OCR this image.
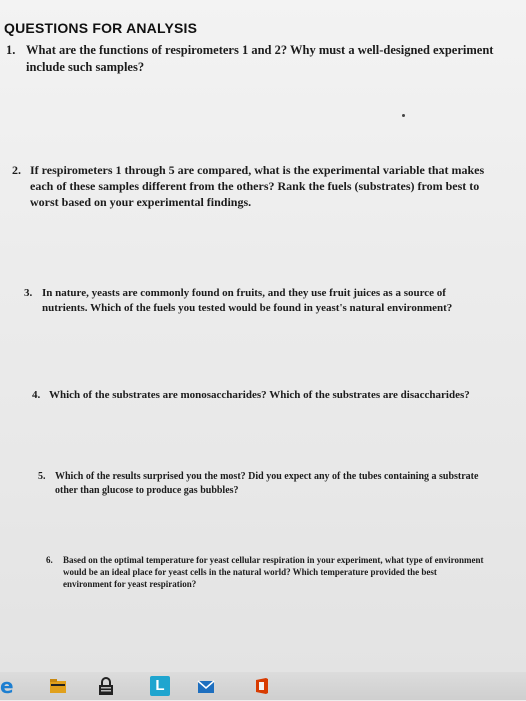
QUESTIONS FOR ANALYSIS
1. What are the functions of respirometers 1 and 2? Why must a well-designed experiment include such samples?
2. If respirometers 1 through 5 are compared, what is the experimental variable that makes each of these samples different from the others? Rank the fuels (substrates) from best to worst based on your experimental findings.
3. In nature, yeasts are commonly found on fruits, and they use fruit juices as a source of nutrients. Which of the fuels you tested would be found in yeast's natural environment?
4. Which of the substrates are monosaccharides? Which of the substrates are disaccharides?
5. Which of the results surprised you the most? Did you expect any of the tubes containing a substrate other than glucose to produce gas bubbles?
6.	Based on the optimal temperature for yeast cellular respiration in your experiment, what type of environment would be an ideal place for yeast cells in the natural world? Which temperature provided the best environment for yeast respiration?
e	L
